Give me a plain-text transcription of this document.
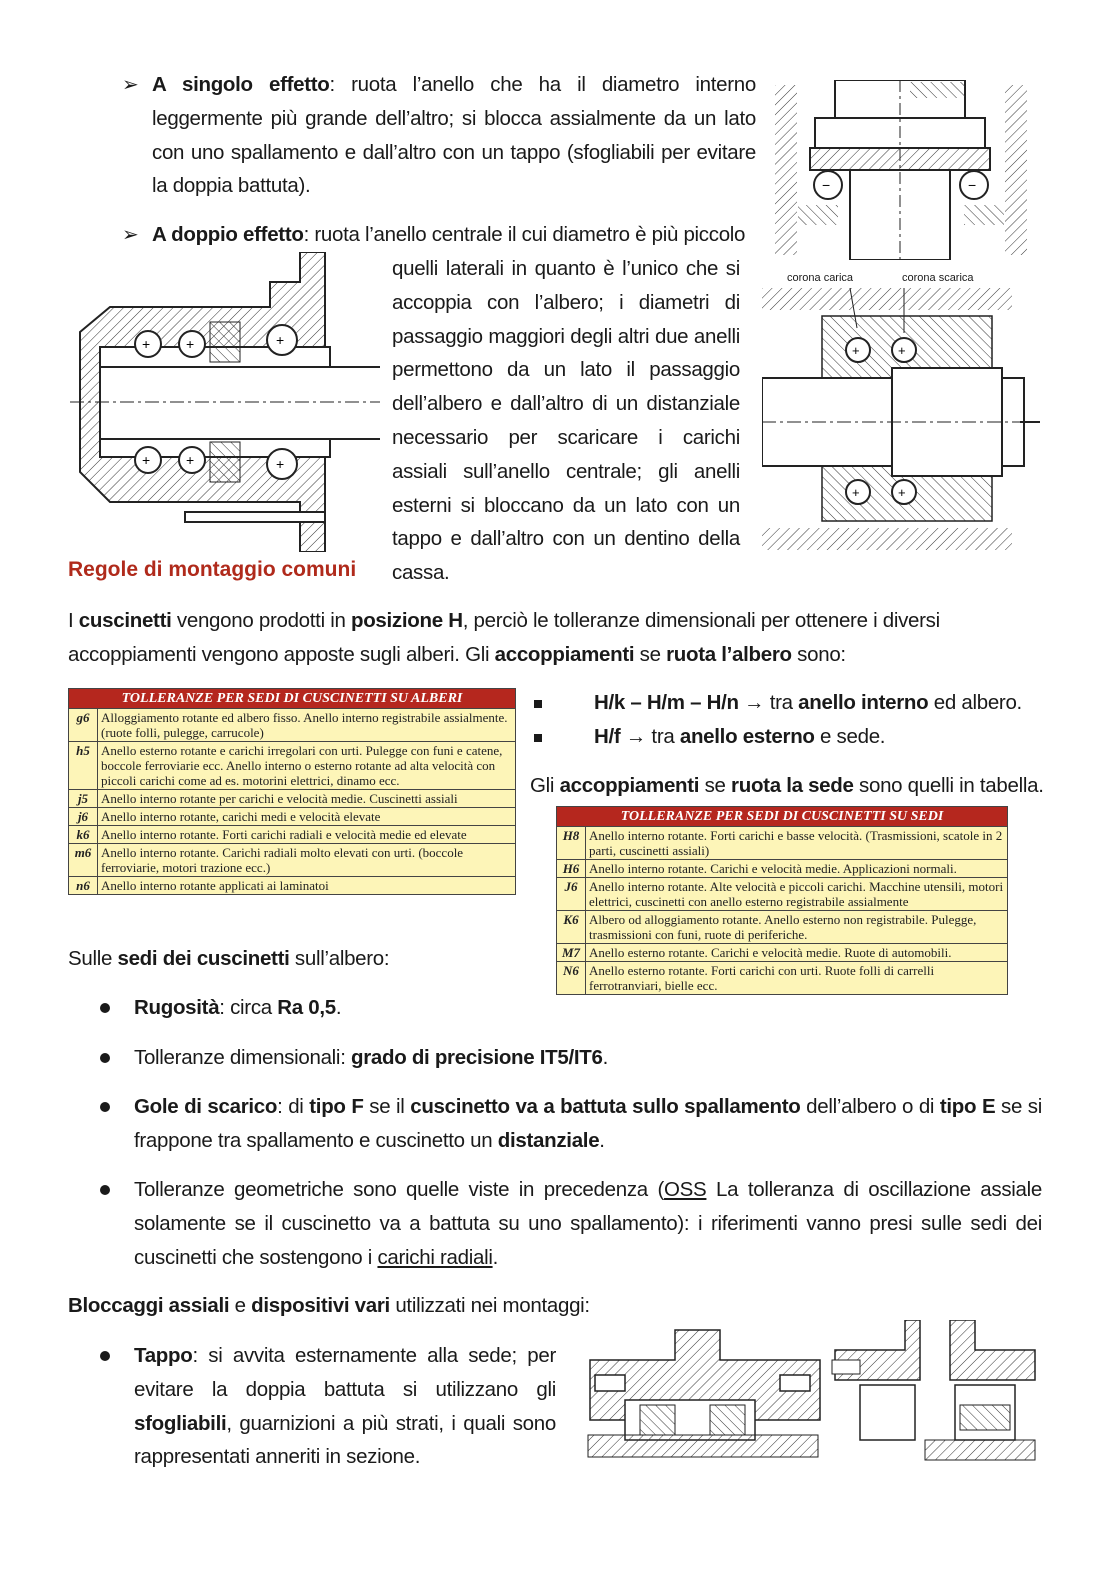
➢ A singolo effetto: ruota l’anello che ha il diametro interno leggermente più grande dell’altro; si blocca assialmente da un lato con uno spallamento e dall’altro con un tappo (sfogliabili per evitare la doppia battuta).	−	−
➢ A doppio effetto: ruota l’anello centrale il cui diametro è più piccolo
quelli laterali in quanto è l’unico che si accoppia con l’albero; i diametri di passaggio maggiori degli altri due anelli permettono da un lato il passaggio dell’albero e dall’altro di un distanziale necessario per scaricare i carichi assiali sull’anello centrale; gli anelli esterni si bloccano da un lato con un tappo e dall’altro con un dentino della cassa.
+	+
+	+
+
+
corona carica	corona scarica
+	+
+	+
Regole di montaggio comuni
I cuscinetti vengono prodotti in posizione H, perciò le tolleranze dimensionali per ottenere i diversi accoppiamenti vengono apposte sugli alberi. Gli accoppiamenti se ruota l’albero sono:
TOLLERANZE PER SEDI DI CUSCINETTI SU ALBERI	
g6	Alloggiamento rotante ed albero fisso. Anello interno registrabile assialmente. (ruote folli, pulegge, carrucole)
h5	Anello esterno rotante e carichi irregolari con urti. Pulegge con funi e catene, boccole ferroviarie ecc. Anello interno o esterno rotante ad alta velocità con piccoli carichi come ad es. motorini elettrici, dinamo ecc.
j5	Anello interno rotante per carichi e velocità medie. Cuscinetti assiali
j6	Anello interno rotante, carichi medi e velocità elevate
k6	Anello interno rotante. Forti carichi radiali e velocità medie ed elevate
m6	Anello interno rotante. Carichi radiali molto elevati con urti. (boccole ferroviarie, motori trazione ecc.)
n6	Anello interno rotante applicati ai laminatoi
H/k – H/m – H/n → tra anello interno ed albero.
H/f → tra anello esterno e sede.
Gli accoppiamenti se ruota la sede sono quelli in tabella.
TOLLERANZE PER SEDI DI CUSCINETTI SU SEDI	
H8	Anello interno rotante. Forti carichi e basse velocità. (Trasmissioni, scatole in 2 parti, cuscinetti assiali)
H6	Anello interno rotante. Carichi e velocità medie. Applicazioni normali.
J6	Anello interno rotante. Alte velocità e piccoli carichi. Macchine utensili, motori elettrici, cuscinetti con anello esterno registrabile assialmente
K6	Albero od alloggiamento rotante. Anello esterno non registrabile. Pulegge, trasmissioni con funi, ruote di periferiche.
M7	Anello esterno rotante. Carichi e velocità medie. Ruote di automobili.
N6	Anello esterno rotante. Forti carichi con urti. Ruote folli di carrelli ferrotranviari, bielle ecc.
Sulle sedi dei cuscinetti sull’albero:
Rugosità: circa Ra 0,5.
Tolleranze dimensionali: grado di precisione IT5/IT6.
Gole di scarico: di tipo F se il cuscinetto va a battuta sullo spallamento dell’albero o di tipo E se si frappone tra spallamento e cuscinetto un distanziale.
Tolleranze geometriche sono quelle viste in precedenza (OSS La tolleranza di oscillazione assiale solamente se il cuscinetto va a battuta su uno spallamento): i riferimenti vanno presi sulle sedi dei cuscinetti che sostengono i carichi radiali.
Bloccaggi assiali e dispositivi vari utilizzati nei montaggi:
Tappo: si avvita esternamente alla sede; per evitare la doppia battuta si utilizzano gli sfogliabili, guarnizioni a più strati, i quali sono rappresentati anneriti in sezione.
